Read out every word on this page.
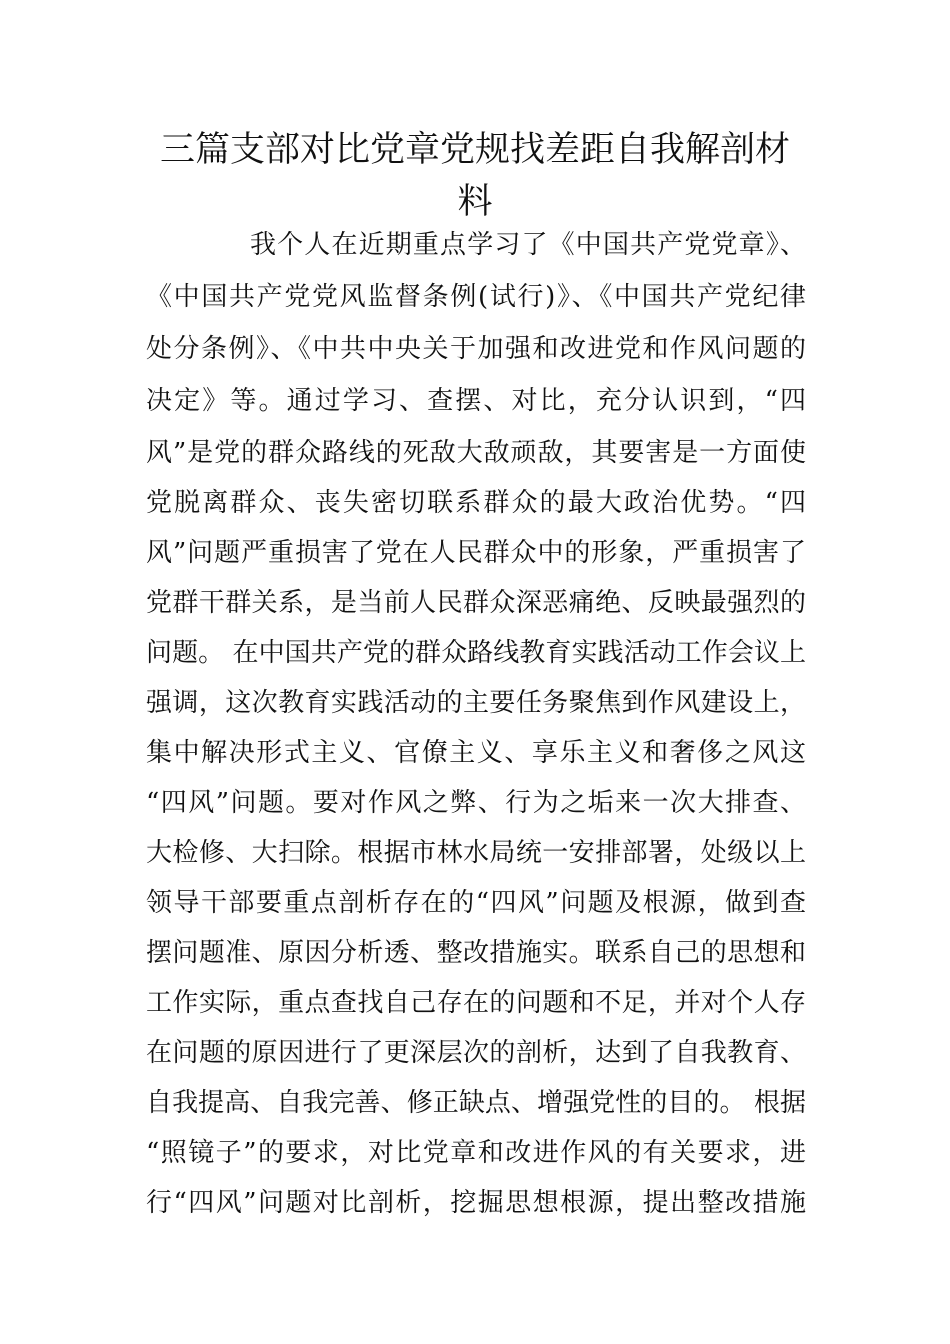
三篇支部对比党章党规找差距自我解剖材
料
我个人在近期重点学习了《中国共产党党章》、
《中国共产党党风监督条例(试行)》、《中国共产党纪律
处分条例》、《中共中央关于加强和改进党和作风问题的
决定》等。通过学习、查摆、对比，充分认识到，“四
风”是党的群众路线的死敌大敌顽敌，其要害是一方面使
党脱离群众、丧失密切联系群众的最大政治优势。“四
风”问题严重损害了党在人民群众中的形象，严重损害了
党群干群关系，是当前人民群众深恶痛绝、反映最强烈的
问题。 在中国共产党的群众路线教育实践活动工作会议上
强调，这次教育实践活动的主要任务聚焦到作风建设上，
集中解决形式主义、官僚主义、享乐主义和奢侈之风这
“四风”问题。要对作风之弊、行为之垢来一次大排查、
大检修、大扫除。根据市林水局统一安排部署，处级以上
领导干部要重点剖析存在的“四风”问题及根源，做到查
摆问题准、原因分析透、整改措施实。联系自己的思想和
工作实际，重点查找自己存在的问题和不足，并对个人存
在问题的原因进行了更深层次的剖析，达到了自我教育、
自我提高、自我完善、修正缺点、增强党性的目的。 根据
“照镜子”的要求，对比党章和改进作风的有关要求，进
行“四风”问题对比剖析，挖掘思想根源，提出整改措施
